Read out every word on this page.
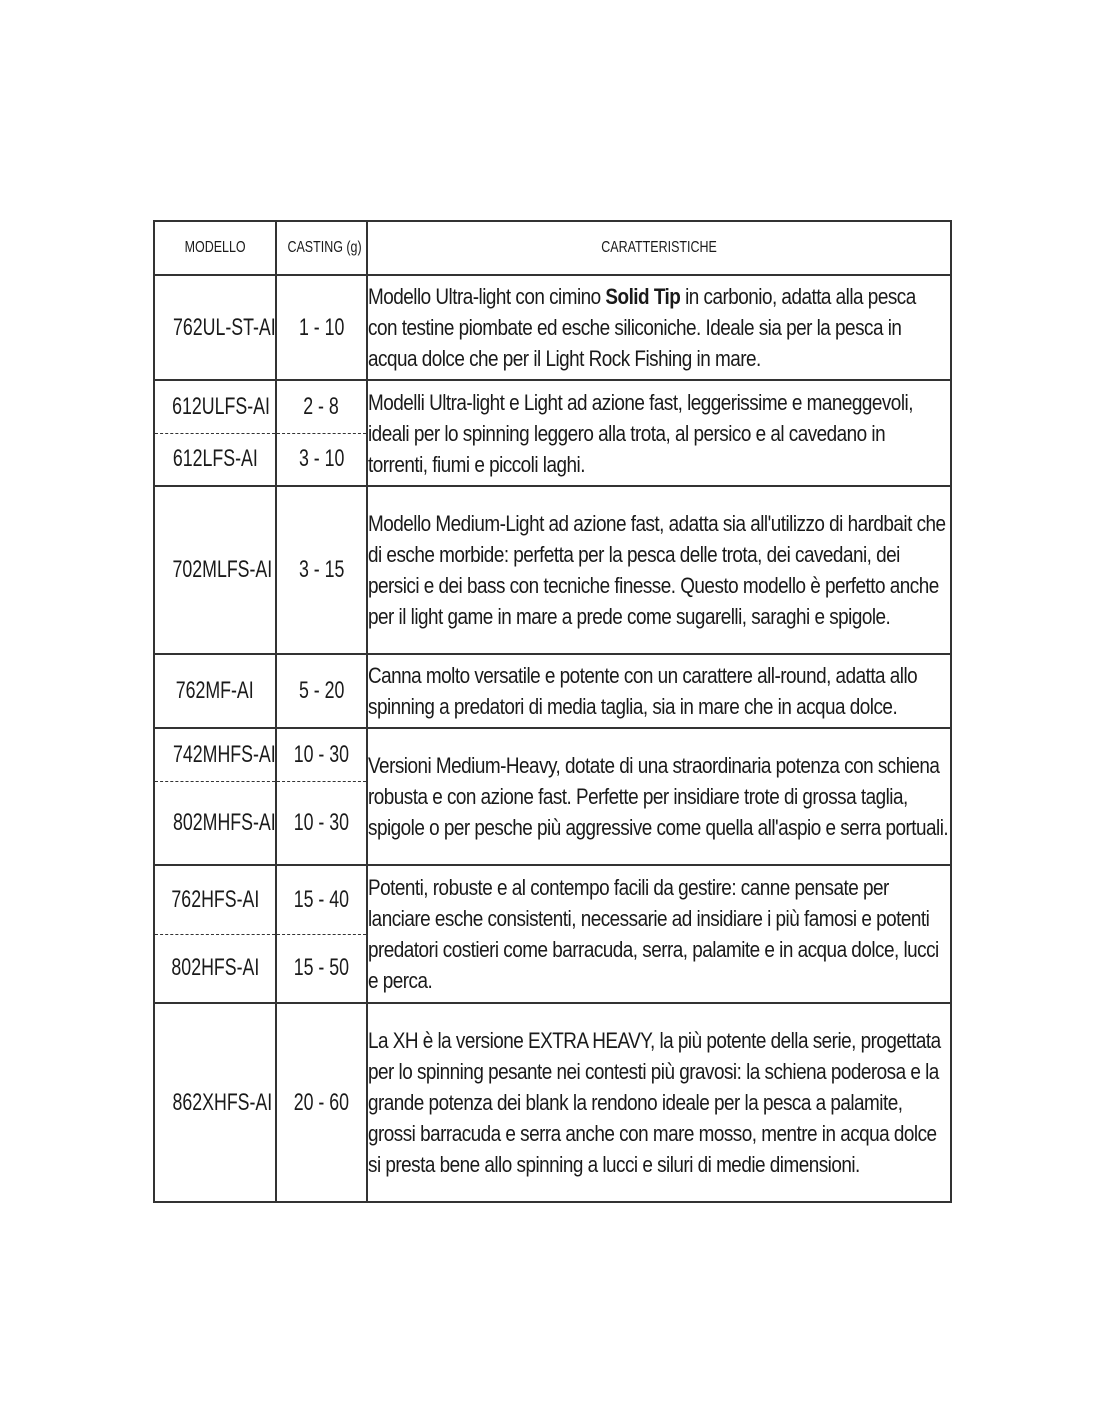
MODELLO	CASTING (g)	CARATTERISTICHE
762UL-ST-AI	1 - 10	Modello Ultra-light con cimino Solid Tip in carbonio, adatta alla pesca con testine piombate ed esche siliconiche. Ideale sia per la pesca in acqua dolce che per il Light Rock Fishing in mare.

612ULFS-AI	2 - 8	Modelli Ultra-light e Light ad azione fast, leggerissime e maneggevoli, ideali per lo spinning leggero alla trota, al persico e al cavedano in torrenti, fiumi e piccoli laghi.

612LFS-AI	3 - 10	
702MLFS-AI	3 - 15	Modello Medium-Light ad azione fast, adatta sia all'utilizzo di hardbait che di esche morbide: perfetta per la pesca delle trota, dei cavedani, dei persici e dei bass con tecniche finesse. Questo modello è perfetto anche per il light game in mare a prede come sugarelli, saraghi e spigole.

762MF-AI	5 - 20	Canna molto versatile e potente con un carattere all-round, adatta allo spinning a predatori di media taglia, sia in mare che in acqua dolce.

742MHFS-AI	10 - 30	Versioni Medium-Heavy, dotate di una straordinaria potenza con schiena robusta e con azione fast. Perfette per insidiare trote di grossa taglia, spigole o per pesche più aggressive come quella all'aspio e serra portuali.

802MHFS-AI	10 - 30	
762HFS-AI	15 - 40	Potenti, robuste e al contempo facili da gestire: canne pensate per lanciare esche consistenti, necessarie ad insidiare i più famosi e potenti predatori costieri come barracuda, serra, palamite e in acqua dolce, lucci e perca.

802HFS-AI	15 - 50	
862XHFS-AI	20 - 60	La XH è la versione EXTRA HEAVY, la più potente della serie, progettata per lo spinning pesante nei contesti più gravosi: la schiena poderosa e la grande potenza dei blank la rendono ideale per la pesca a palamite, grossi barracuda e serra anche con mare mosso, mentre in acqua dolce si presta bene allo spinning a lucci e siluri di medie dimensioni.
